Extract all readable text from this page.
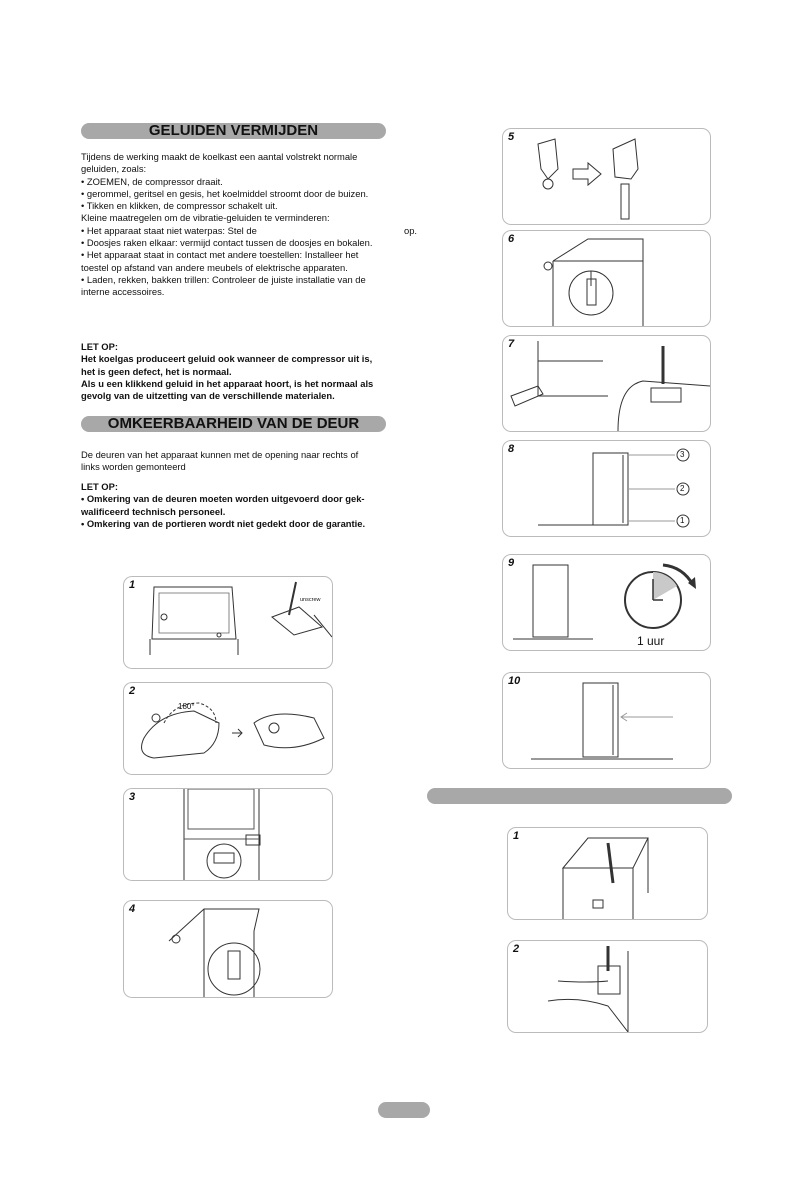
GELUIDEN VERMIJDEN

Tijdens de werking maakt de koelkast een aantal volstrekt normale

geluiden, zoals:

• ZOEMEN, de compressor draait.

• gerommel, geritsel en gesis, het koelmiddel stroomt door de buizen.

• Tikken en klikken, de compressor schakelt uit.

Kleine maatregelen om de vibratie-geluiden te verminderen:

• Het apparaat staat niet waterpas: Stel de

• Doosjes raken elkaar: vermijd contact tussen de doosjes en bokalen.

• Het apparaat staat in contact met andere toestellen: Installeer het

toestel op afstand van andere meubels of elektrische apparaten.

• Laden, rekken, bakken trillen: Controleer de juiste installatie van de

interne accessoires.

op.

LET OP:

Het koelgas produceert geluid ook wanneer de compressor uit is,

het is geen defect, het is normaal.

Als u een klikkend geluid in het apparaat hoort, is het normaal als

gevolg van de uitzetting van de verschillende materialen.

OMKEERBAARHEID VAN DE DEUR

De deuren van het apparaat kunnen met de opening naar rechts of

links worden gemonteerd

LET OP:

• Omkering van de deuren moeten worden uitgevoerd door gek-

walificeerd technisch personeel.

• Omkering van de portieren wordt niet gedekt door de garantie.

1
unscrew
2
180°
3
4
5
6
7
8	3
2
1
9
1 uur
10
1
2
